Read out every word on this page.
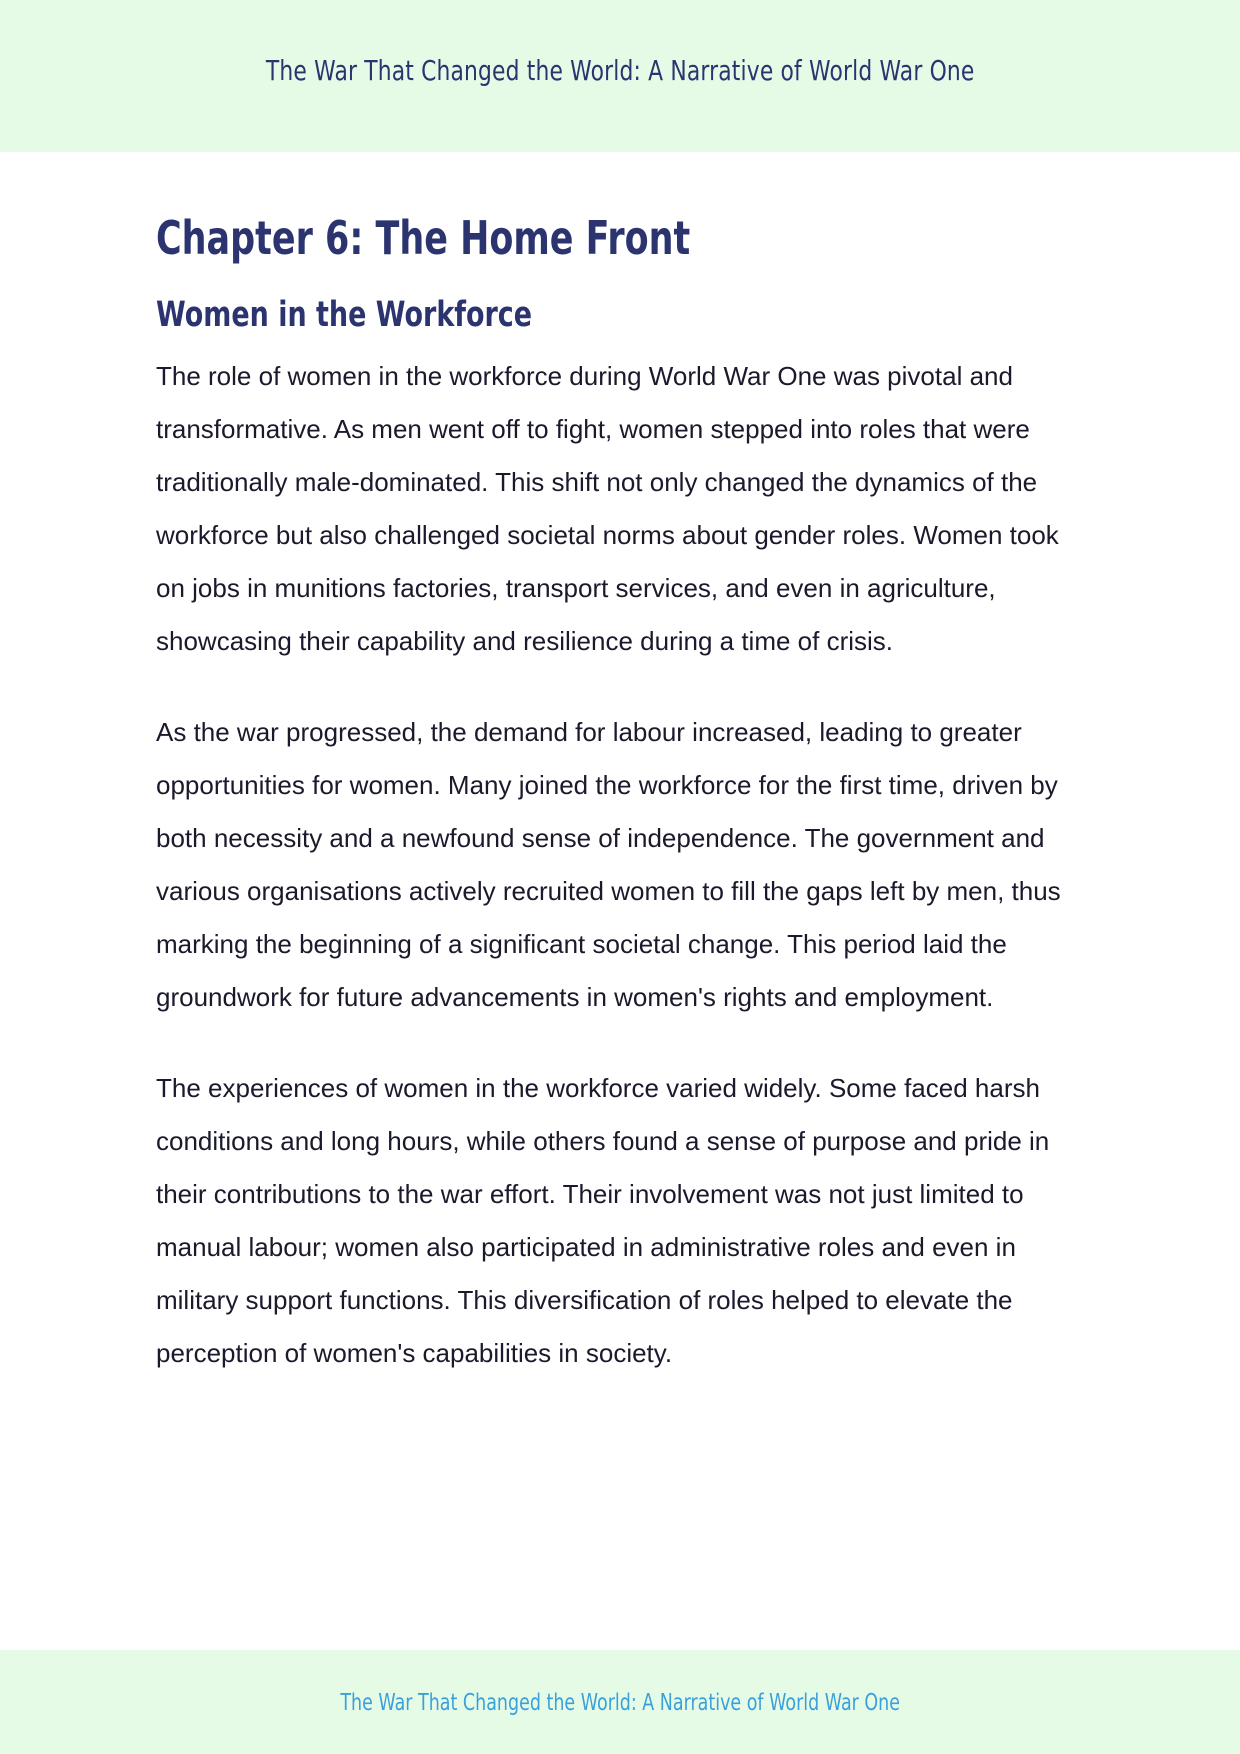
The War That Changed the World: A Narrative of World War One
Chapter 6: The Home Front
Women in the Workforce

The role of women in the workforce during World War One was pivotal and transformative. As men went off to fight, women stepped into roles that were traditionally male-dominated. This shift not only changed the dynamics of the workforce but also challenged societal norms about gender roles. Women took on jobs in munitions factories, transport services, and even in agriculture, showcasing their capability and resilience during a time of crisis.

As the war progressed, the demand for labour increased, leading to greater opportunities for women. Many joined the workforce for the first time, driven by both necessity and a newfound sense of independence. The government and various organisations actively recruited women to fill the gaps left by men, thus marking the beginning of a significant societal change. This period laid the groundwork for future advancements in women's rights and employment.

The experiences of women in the workforce varied widely. Some faced harsh conditions and long hours, while others found a sense of purpose and pride in their contributions to the war effort. Their involvement was not just limited to manual labour; women also participated in administrative roles and even in military support functions. This diversification of roles helped to elevate the perception of women's capabilities in society.

The War That Changed the World: A Narrative of World War One
